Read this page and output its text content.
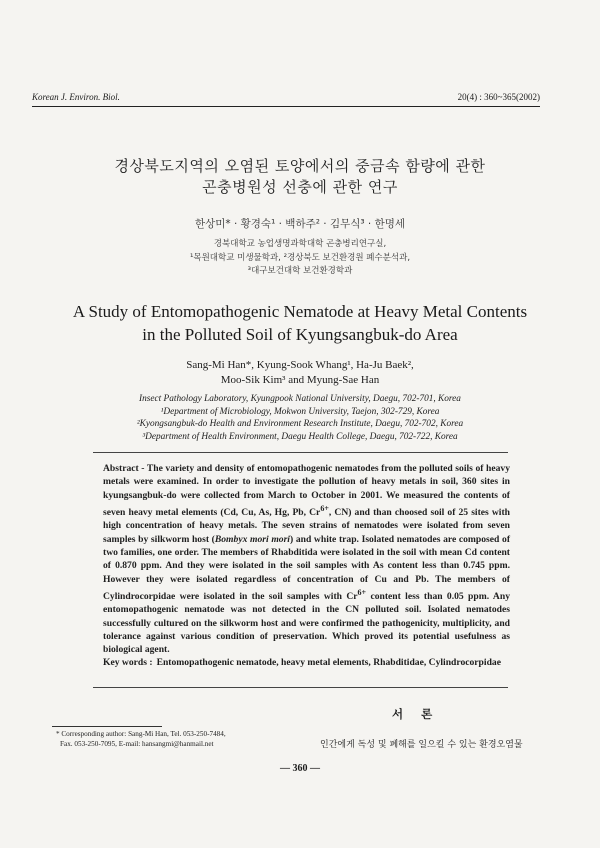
Korean J. Environ. Biol.	20(4) : 360~365(2002)
경상북도지역의 오염된 토양에서의 중금속 함량에 관한
곤충병원성 선충에 관한 연구
한상미* · 황경숙¹ · 백하주² · 김무식³ · 한명세
경북대학교 농업생명과학대학 곤충병리연구실,
¹목원대학교 미생물학과, ²경상북도 보건환경원 폐수분석과,
³대구보건대학 보건환경학과
A Study of Entomopathogenic Nematode at Heavy Metal Contents
in the Polluted Soil of Kyungsangbuk-do Area
Sang-Mi Han*, Kyung-Sook Whang¹, Ha-Ju Baek²,
Moo-Sik Kim³ and Myung-Sae Han
Insect Pathology Laboratory, Kyungpook National University, Daegu, 702-701, Korea
¹Department of Microbiology, Mokwon University, Taejon, 302-729, Korea
²Kyongsangbuk-do Health and Environment Research Institute, Daegu, 702-702, Korea
³Department of Health Environment, Daegu Health College, Daegu, 702-722, Korea
Abstract - The variety and density of entomopathogenic nematodes from the polluted soils of heavy metals were examined. In order to investigate the pollution of heavy metals in soil, 360 sites in kyungsangbuk-do were collected from March to October in 2001. We measured the contents of seven heavy metal elements (Cd, Cu, As, Hg, Pb, $Cr^{6+}$, CN) and than choosed soil of 25 sites with high concentration of heavy metals. The seven strains of nematodes were isolated from seven samples by silkworm host (Bombyx mori mori) and white trap. Isolated nematodes are composed of two families, one order. The members of Rhabditida were isolated in the soil with mean Cd content of 0.870 ppm. And they were isolated in the soil samples with As content less than 0.745 ppm. However they were isolated regardless of concentration of Cu and Pb. The members of Cylindrocorpidae were isolated in the soil samples with $Cr^{6+}$ content less than 0.05 ppm. Any entomopathogenic nematode was not detected in the CN polluted soil. Isolated nematodes successfully cultured on the silkworm host and were confirmed the pathogenicity, multiplicity, and tolerance against various condition of preservation. Which proved its potential usefulness as biological agent.
Key words : Entomopathogenic nematode, heavy metal elements, Rhabditidae, Cylindrocorpidae
서론
인간에게 독성 및 폐해를 일으킬 수 있는 환경오염물
* Corresponding author: Sang-Mi Han, Tel. 053-250-7484,
Fax. 053-250-7095, E-mail: hansangmi@hanmail.net
— 360 —
